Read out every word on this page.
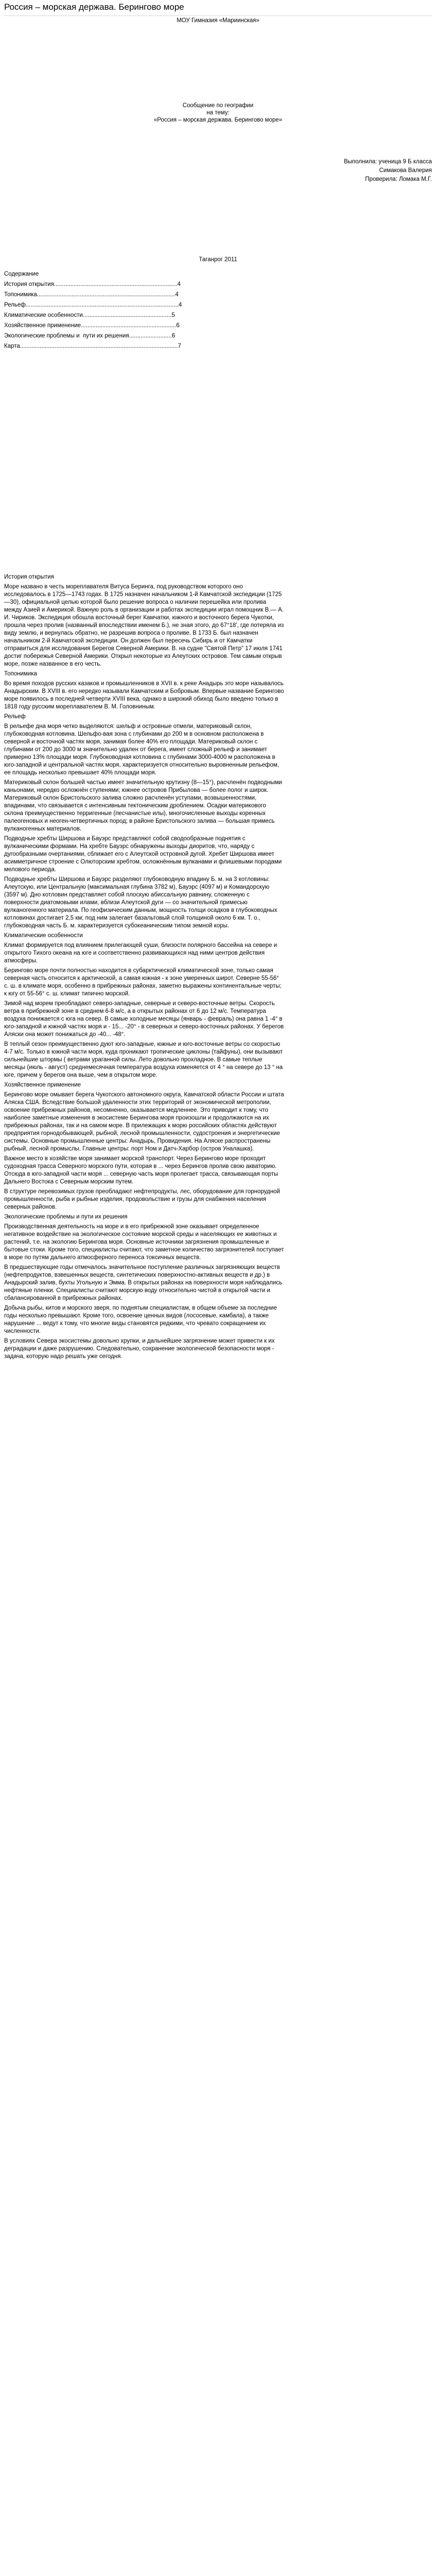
Россия – морская держава. Берингово море
МОУ Гимназия «Мариинская»
Сообщение по географии
на тему:
«Россия – морская держава. Берингово море»
Выполнила: ученица 9 Б класса
Симакова Валерия
Проверила: Ломака М.Г.
Таганрог 2011
Содержание
История открытия...........................................................................4
Топонимика....................................................................................4
Рельеф.............................................................................................4
Климатические особенности......................................................5
Хозяйственное применение..........................................................6
Экологические проблемы и  пути их решения..........................6
Карта................................................................................................7
История открытия

Море названо в честь мореплавателя Витуса Беринга, под руководством которого оно исследовалось в 1725—1743 годах. В 1725 назначен начальником 1-й Камчатской экспедиции (1725—30), официальной целью которой было решение вопроса о наличии перешейка или пролива между Азией и Америкой. Важную роль в организации и работах экспедиции играл помощник В.— А. И. Чириков. Экспедиция обошла восточный берег Камчатки, южного и восточного берега Чукотки, прошла через пролив (названный впоследствии именем Б.), не зная этого, до 67°18', где потеряла из виду землю, и вернулась обратно, не разрешив вопроса о проливе. В 1733 Б. был назначен начальником 2-й Камчатской экспедиции. Он должен был пересечь Сибирь и от Камчатки отправиться для исследования Берегов Северной Америки. В. на судне "Святой Петр" 17 июля 1741 достиг побережья Северной Америки. Открыл некоторые из Алеутских островов. Тем самым открыв море, позже названное в его честь.

Топонимика

Во время походов русских казаков и промышленников в XVII в. к реке Анадырь это море называлось Анадырским. В XVIII в. его нередко называли Камчатским и Бобровым. Впервые название Берингово море появилось в последней четверти XVIII века, однако в широкий обиход было введено только в 1818 году русским мореплавателем В. М. Головниным.

Рельеф

В рельефе дна моря четко выделяются: шельф и островные отмели, материковый склон, глубоководная котловина. Шельфо-вая зона с глубинами до 200 м в основном расположена в северной и восточной частях моря, занимая более 40% его площади. Материковый склон с глубинами от 200 до 3000 м значительно удален от берега, имеет сложный рельеф и занимает примерно 13% площади моря. Глубоководная котловина с глубинами 3000-4000 м расположена в юго-западной и центральной частях моря, характеризуется относительно выровненным рельефом, ее площадь несколько превышает 40% площади моря.

Материковый склон большей частью имеет значительную крутизну (8—15°), расчленён подводными каньонами, нередко осложнён ступенями; южнее островов Прибылова — более полог и широк. Материковый склон Бристольского залива сложно расчленён уступами, возвышенностями, впадинами, что связывается с интенсивным тектоническим дроблением. Осадки материкового склона преимущественно терригенные (песчанистые илы), многочисленные выходы коренных палеогеновых и неоген-четвертичных пород; в районе Бристольского залива — большая примесь вулканогенных материалов.

Подводные хребты Ширшова и Бауэрс представляют собой сводообразные поднятия с вулканическими формами. На хребте Бауэрс обнаружены выходы диоритов, что, наряду с дугообразными очертаниями, сближает его с Алеутской островной дугой. Хребет Ширшова имеет асимметричное строение с Олюторским хребтом, осложнённым вулканами и флишевыми породами мелового периода.

Подводные хребты Ширшова и Бауэрс разделяют глубоководную впадину Б. м. на 3 котловины: Алеутскую, или Центральную (максимальная глубина 3782 м), Бауэрс (4097 м) и Командорскую (3597 м). Дно котловин представляет собой плоскую абиссальную равнину, сложенную с поверхности диатомовыми илами, вблизи Алеутской дуги — со значительной примесью вулканогенного материала. По геофизическим данным, мощность толщи осадков в глубоководных котловинах достигает 2,5 км; под ним залегает базальтовый слой толщиной около 6 км. Т. о., глубоководная часть Б. м. характеризуется субокеаническим типом земной коры.

Климатические особенности

Климат формируется под влиянием прилегающей суши, близости полярного бассейна на севере и открытого Тихого океана на юге и соответственно развивающихся над ними центров действия атмосферы.

Берингово море почти полностью находится в субарктической климатической зоне, только самая северная часть относится к арктической, а самая южная - к зоне умеренных широт. Северне 55-56° с. ш. в климате моря, особенно в прибрежных районах, заметно выражены континентальные черты; к югу от 55-56° с. ш. климат типично морской.

Зимой над морем преобладают северо-западные, северные и северо-восточные ветры. Скорость ветра в прибрежной зоне в среднем 6-8 м/с, а в открытых районах от 6 до 12 м/с. Температура воздуха понижается с юга на север. В самые холодные месяцы (январь - февраль) она равна 1 -4° в юго-западной и южной частях моря и - 15... -20° - в северных и северо-восточных районах. У берегов Аляски она может понижаться до -40... -48°.

В теплый сезон преимущественно дуют юго-западные, южные и юго-восточные ветры со скоростью 4-7 м/с. Только в южной части моря, куда проникают тропические циклоны (тайфуны), они вызывают сильнейшие штормы ( ветрами ураганной силы. Лето довольно прохладное. В самые теплые месяцы (июль - август) среднемесячная температура воздуха изменяется от 4 ° на севере до 13 ° на юге, причем у берегов она выше, чем в открытом море.

Хозяйственное применение

Берингово море омывает берега Чукотского автономного округа, Камчатской области России и штата Аляска США. Вследствие большой удаленности этих территорий от экономической метрополии, освоение прибрежных районов, несомненно, оказывается медленнее. Это приводит к тому, что наиболее заметные изменения в экосистеме Берингова моря произошли и продолжаются на их прибрежных районах, так и на самом море. В прилежащих к морю российских областях действуют предприятия горнодобывающей, рыбной, лесной промышленности, судостроения и энергетические системы. Основные промышленные центры: Анадырь, Провидения. На Аляске распространены рыбный, лесной промыслы. Главные центры: порт Ном и Датч-Харбор (остров Уналашка).

Важное место в хозяйстве моря занимает морской транспорт. Через Берингово море проходит судоходная трасса Северного морского пути, которая в ... через Берингов пролив свою акваторию. Отсюда в юго-западной части моря ... северную часть моря пролегает трасса, связывающая порты Дальнего Востока с Северным морским путем.

В структуре перевозимых грузов преобладают нефтепродукты, лес, оборудование для горнорудной промышленности, рыба и рыбные изделия, продовольствие и грузы для снабжения населения северных районов.

Экологические проблемы и пути их решения

Производственная деятельность на море и в его прибрежной зоне оказывает определенное негативное воздействие на экологическое состояние морской среды и населяющих ее животных и растений, т.е. на экологию Берингова моря. Основные источники загрязнения промышленные и бытовые стоки. Кроме того, специалисты считают, что заметное количество загрязнителей поступает в море по путям дальнего атмосферного переноса токсичных веществ.

В предшествующие годы отмечалось значительное поступление различных загрязняющих веществ (нефтепродуктов, взвешенных веществ, синтетических поверхностно-активных веществ и др.) в Анадырский залив, бухты Угольную и Эмма. В открытых районах на поверхности моря наблюдались нефтяные пленки. Специалисты считают морскую воду относительно чистой в открытой части и сбалансированной в прибрежных районах.

Добыча рыбы, китов и морского зверя, по поднятым специалистам, в общем объеме за последние годы несколько превышают. Кроме того, освоение ценных видов (лососевые, камбала), а также нарушение ... ведут к тому, что многие виды становятся редкими, что чревато сокращением их численности.

В условиях Севера экосистемы довольно хрупки, и дальнейшее загрязнение может привести к их деградации и даже разрушению. Следовательно, сохранение экологической безопасности моря - задача, которую надо решать уже сегодня.
